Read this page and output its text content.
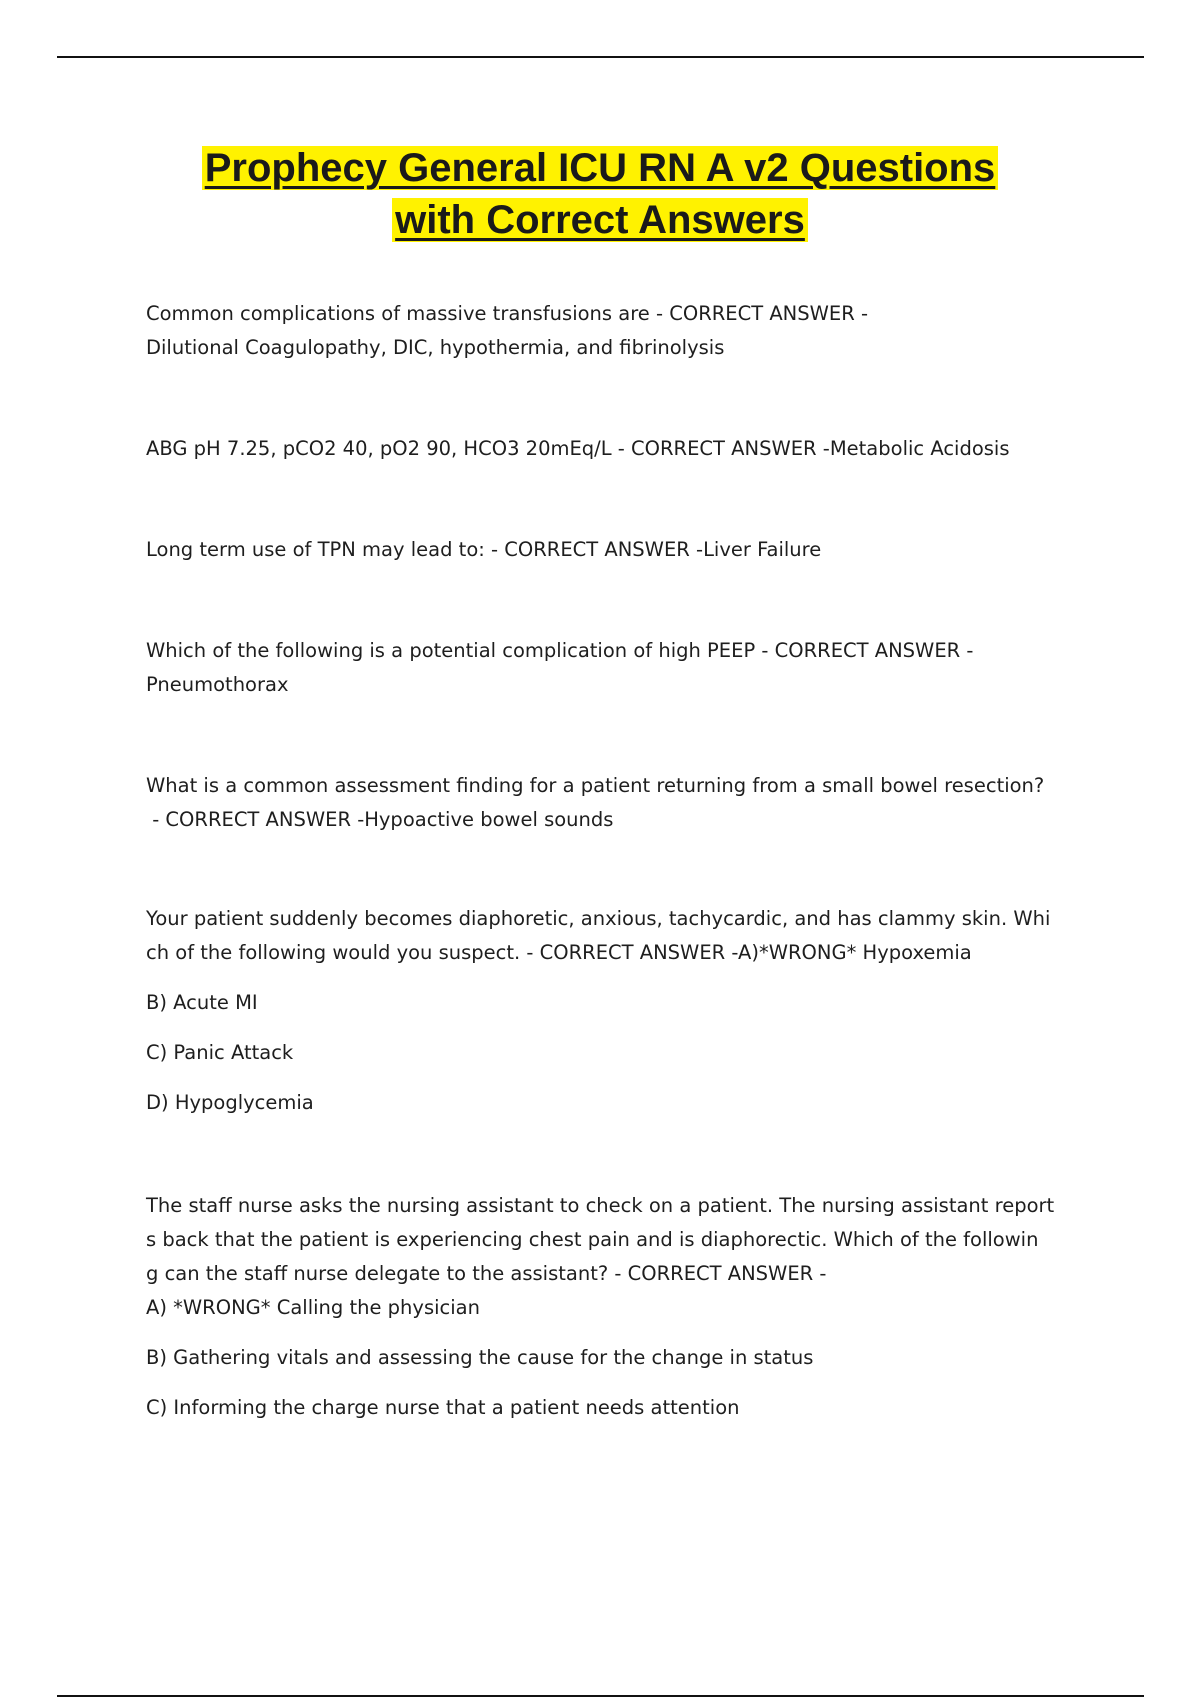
Prophecy General ICU RN A v2 Questions
with Correct Answers

Common complications of massive transfusions are - CORRECT ANSWER -

Dilutional Coagulopathy, DIC, hypothermia, and fibrinolysis

ABG pH 7.25, pCO2 40, pO2 90, HCO3 20mEq/L - CORRECT ANSWER -Metabolic Acidosis

Long term use of TPN may lead to: - CORRECT ANSWER -Liver Failure

Which of the following is a potential complication of high PEEP - CORRECT ANSWER -

Pneumothorax

What is a common assessment finding for a patient returning from a small bowel resection?

- CORRECT ANSWER -Hypoactive bowel sounds

Your patient suddenly becomes diaphoretic, anxious, tachycardic, and has clammy skin. Whi

ch of the following would you suspect. - CORRECT ANSWER -A)*WRONG* Hypoxemia

B) Acute MI

C) Panic Attack

D) Hypoglycemia

The staff nurse asks the nursing assistant to check on a patient. The nursing assistant report

s back that the patient is experiencing chest pain and is diaphorectic. Which of the followin

g can the staff nurse delegate to the assistant? - CORRECT ANSWER -

A) *WRONG* Calling the physician

B) Gathering vitals and assessing the cause for the change in status

C) Informing the charge nurse that a patient needs attention
